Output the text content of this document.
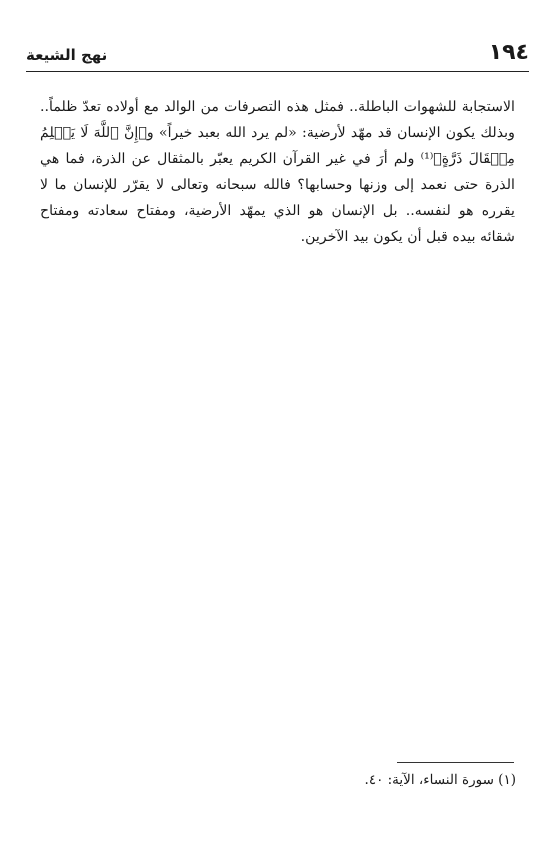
نهج الشيعة	١٩٤

الاستجابة للشهوات الباطلة.. فمثل هذه التصرفات من الوالد مع أولاده تعدّ ظلماً.. وبذلك يكون الإنسان قد مهّد لأرضية: «لم يرد الله بعبد خيراً» و﴿إِنَّ ٱللَّهَ لَا يَظۡلِمُ مِثۡقَالَ ذَرَّةٍ﴾⁽¹⁾ ولم أرَ في غير القرآن الكريم يعبّر بالمثقال عن الذرة، فما هي الذرة حتى نعمد إلى وزنها وحسابها؟ فالله سبحانه وتعالى لا يقرّر للإنسان ما لا يقرره هو لنفسه.. بل الإنسان هو الذي يمهّد الأرضية، ومفتاح سعادته ومفتاح شقائه بيده قبل أن يكون بيد الآخرين.

(١) سورة النساء، الآية: ٤٠.
